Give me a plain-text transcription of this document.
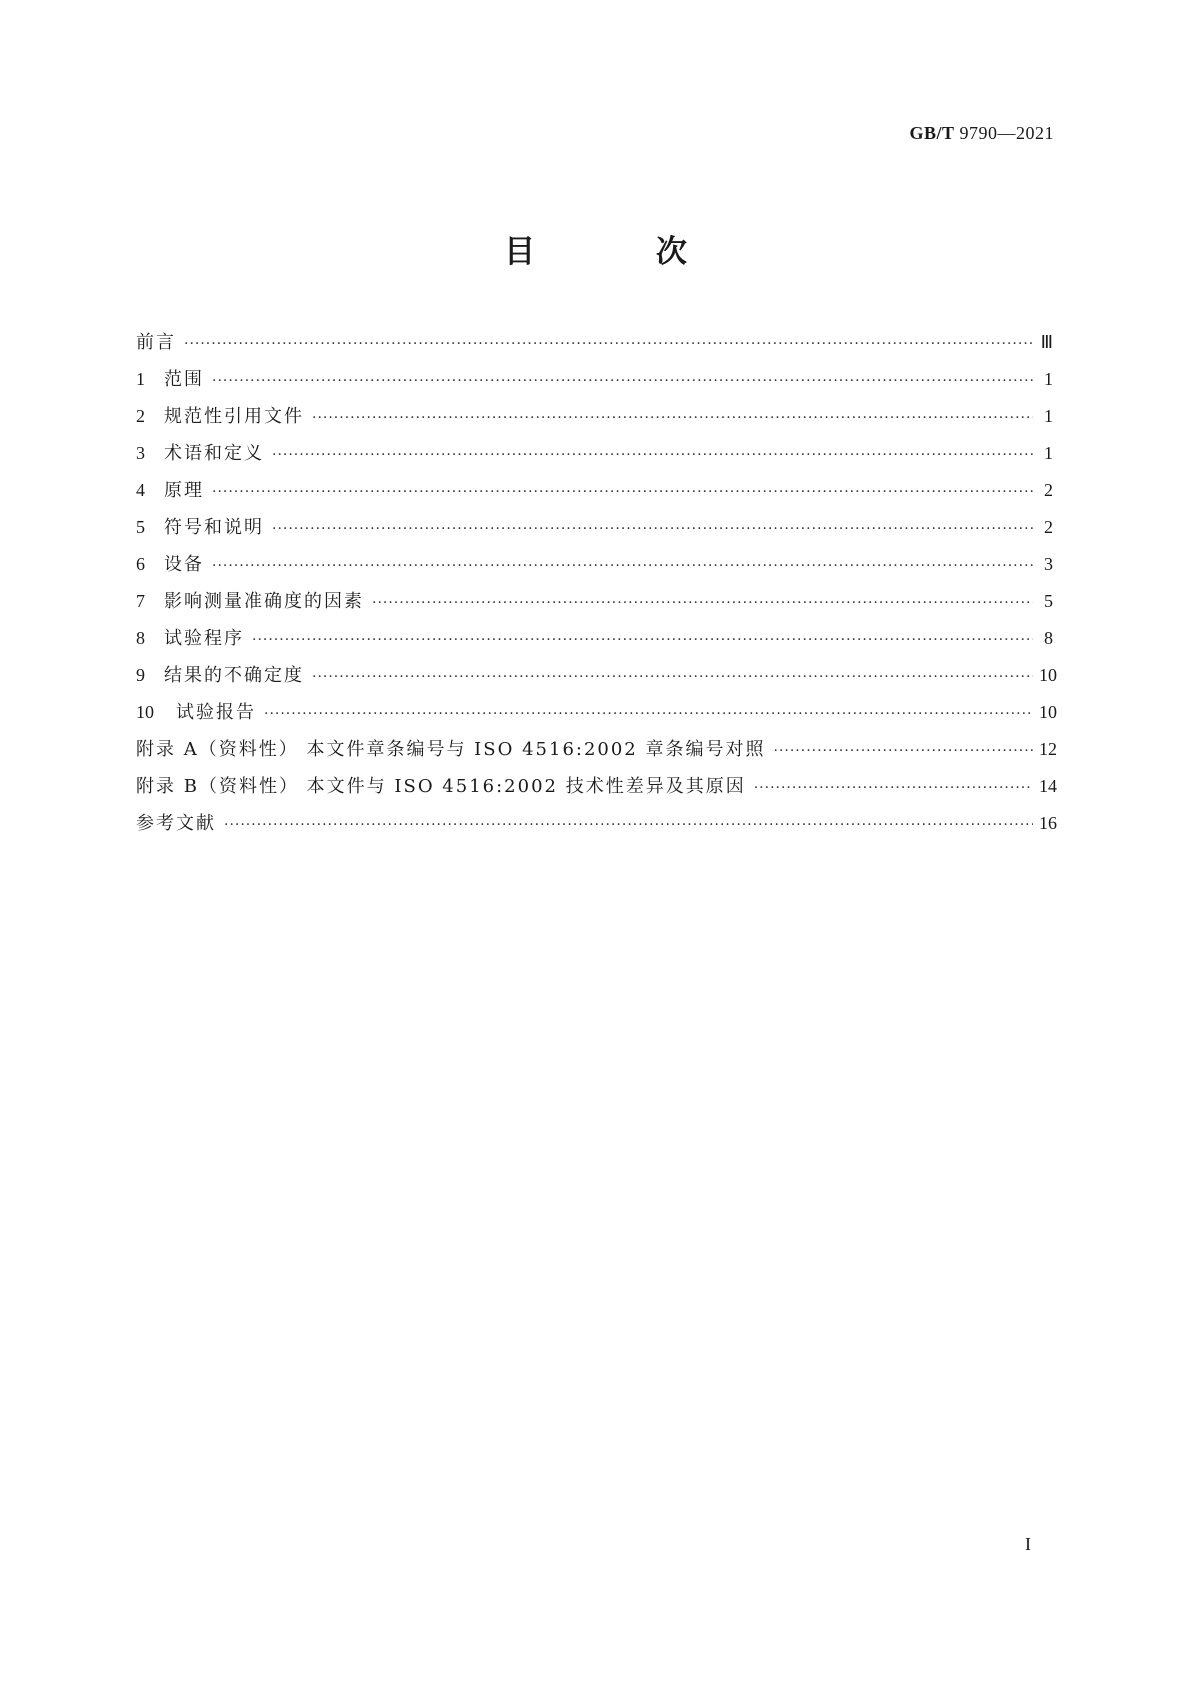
GB/T 9790—2021
目 次
前言 ·····	Ⅲ
1	范围 ·····	1
2	规范性引用文件 ·····	1
3	术语和定义 ·····	1
4	原理 ·····	2
5	符号和说明 ·····	2
6	设备 ·····	3
7	影响测量准确度的因素 ·····	5
8	试验程序 ·····	8
9	结果的不确定度 ·····	10
10	试验报告 ·····	10
附录 A（资料性） 本文件章条编号与 ISO 4516:2002 章条编号对照 ·····	12
附录 B（资料性） 本文件与 ISO 4516:2002 技术性差异及其原因 ·····	14
参考文献 ·····	16
I
